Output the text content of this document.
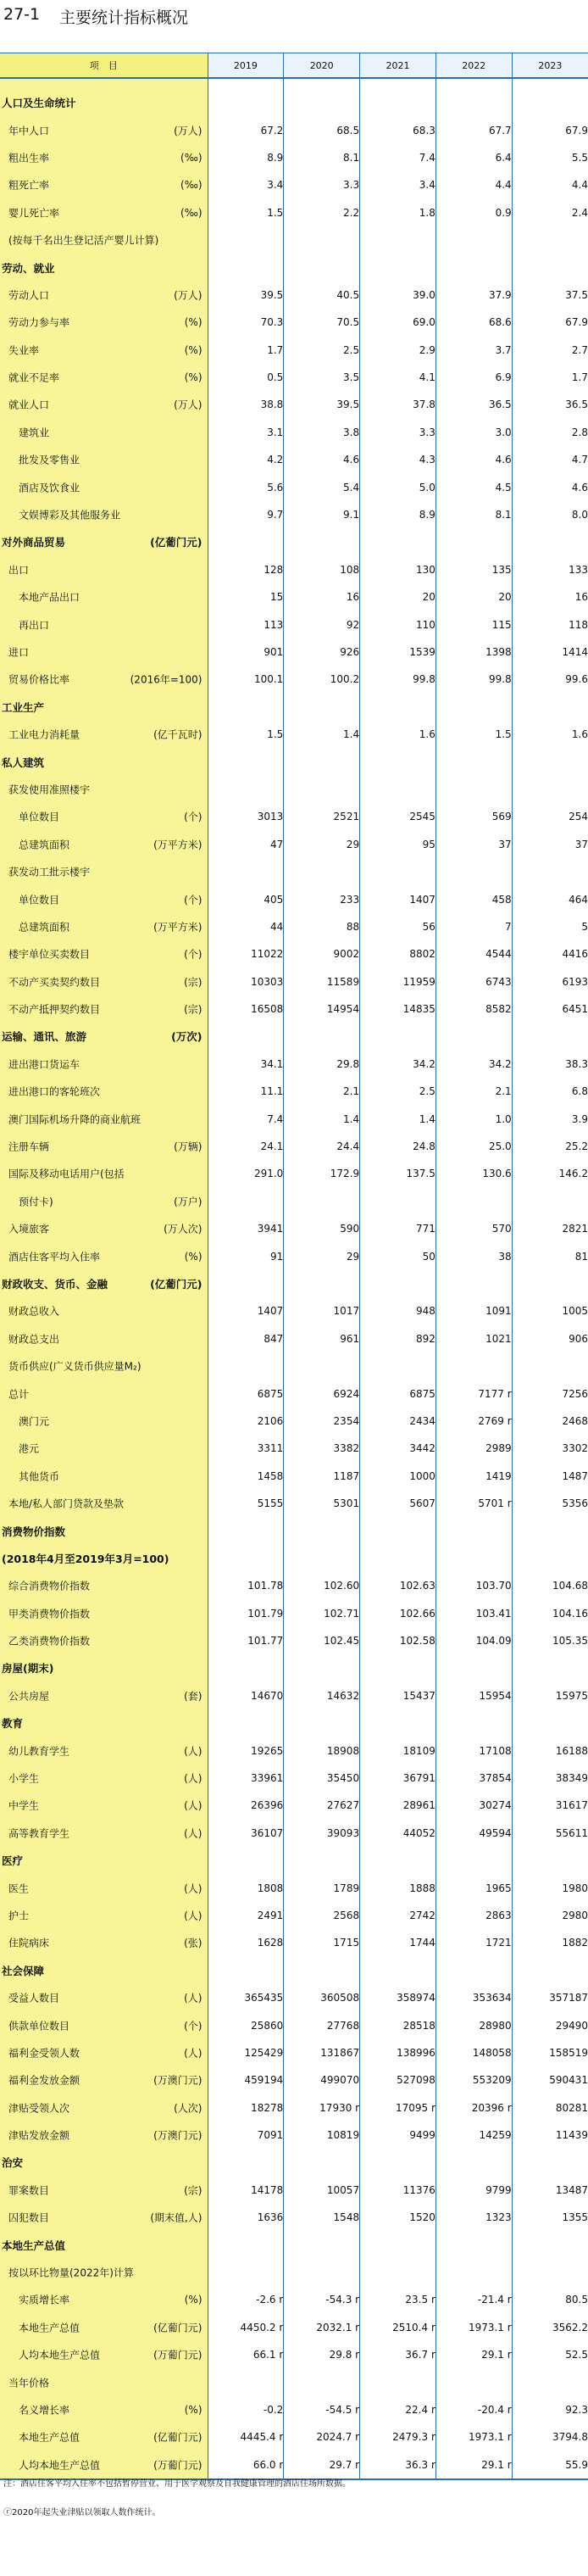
27-1 主要统计指标概况
项　目	2019	2020	2021	2022	2023

人口及生命统计					

年中人口 (万人)	67.2	68.5	68.3	67.7	67.9

粗出生率 (‰)	8.9	8.1	7.4	6.4	5.5

粗死亡率 (‰)	3.4	3.3	3.4	4.4	4.4

婴儿死亡率 (‰)	1.5	2.2	1.8	0.9	2.4

(按每千名出生登记活产婴儿计算)					

劳动、就业					

劳动人口 (万人)	39.5	40.5	39.0	37.9	37.5

劳动力参与率 (%)	70.3	70.5	69.0	68.6	67.9

失业率 (%)	1.7	2.5	2.9	3.7	2.7

就业不足率 (%)	0.5	3.5	4.1	6.9	1.7

就业人口 (万人)	38.8	39.5	37.8	36.5	36.5

建筑业	3.1	3.8	3.3	3.0	2.8

批发及零售业	4.2	4.6	4.3	4.6	4.7

酒店及饮食业	5.6	5.4	5.0	4.5	4.6

文娱博彩及其他服务业	9.7	9.1	8.9	8.1	8.0

对外商品贸易 (亿葡门元)					

出口	128	108	130	135	133

本地产品出口	15	16	20	20	16

再出口	113	92	110	115	118

进口	901	926	1539	1398	1414

贸易价格比率 (2016年=100)	100.1	100.2	99.8	99.8	99.6

工业生产					

工业电力消耗量 (亿千瓦时)	1.5	1.4	1.6	1.5	1.6

私人建筑					

获发使用准照楼宇					

单位数目 (个)	3013	2521	2545	569	254

总建筑面积 (万平方米)	47	29	95	37	37

获发动工批示楼宇					

单位数目 (个)	405	233	1407	458	464

总建筑面积 (万平方米)	44	88	56	7	5

楼宇单位买卖数目 (个)	11022	9002	8802	4544	4416

不动产买卖契约数目 (宗)	10303	11589	11959	6743	6193

不动产抵押契约数目 (宗)	16508	14954	14835	8582	6451

运输、通讯、旅游 (万次)					

进出港口货运车	34.1	29.8	34.2	34.2	38.3

进出港口的客轮班次	11.1	2.1	2.5	2.1	6.8

澳门国际机场升降的商业航班	7.4	1.4	1.4	1.0	3.9

注册车辆 (万辆)	24.1	24.4	24.8	25.0	25.2

国际及移动电话用户(包括	291.0	172.9	137.5	130.6	146.2

预付卡) (万户)					

入境旅客 (万人次)	3941	590	771	570	2821

酒店住客平均入住率 (%)	91	29	50	38	81

财政收支、货币、金融 (亿葡门元)					

财政总收入	1407	1017	948	1091	1005

财政总支出	847	961	892	1021	906

货币供应(广义货币供应量M₂)					

总计	6875	6924	6875	7177 r	7256

澳门元	2106	2354	2434	2769 r	2468

港元	3311	3382	3442	2989	3302

其他货币	1458	1187	1000	1419	1487

本地/私人部门贷款及垫款	5155	5301	5607	5701 r	5356

消费物价指数					

(2018年4月至2019年3月=100)					

综合消费物价指数	101.78	102.60	102.63	103.70	104.68

甲类消费物价指数	101.79	102.71	102.66	103.41	104.16

乙类消费物价指数	101.77	102.45	102.58	104.09	105.35

房屋(期末)					

公共房屋 (套)	14670	14632	15437	15954	15975

教育					

幼儿教育学生 (人)	19265	18908	18109	17108	16188

小学生 (人)	33961	35450	36791	37854	38349

中学生 (人)	26396	27627	28961	30274	31617

高等教育学生 (人)	36107	39093	44052	49594	55611

医疗					

医生 (人)	1808	1789	1888	1965	1980

护士 (人)	2491	2568	2742	2863	2980

住院病床 (张)	1628	1715	1744	1721	1882

社会保障					

受益人数目 (人)	365435	360508	358974	353634	357187

供款单位数目 (个)	25860	27768	28518	28980	29490

福利金受领人数 (人)	125429	131867	138996	148058	158519

福利金发放金额 (万澳门元)	459194	499070	527098	553209	590431

津贴受领人次 (人次)	18278	17930 r	17095 r	20396 r	80281

津贴发放金额 (万澳门元)	7091	10819	9499	14259	11439

治安					

罪案数目 (宗)	14178	10057	11376	9799	13487

囚犯数目 (期末值,人)	1636	1548	1520	1323	1355

本地生产总值					

按以环比物量(2022年)计算					

实质增长率 (%)	-2.6 r	-54.3 r	23.5 r	-21.4 r	80.5

本地生产总值 (亿葡门元)	4450.2 r	2032.1 r	2510.4 r	1973.1 r	3562.2

人均本地生产总值 (万葡门元)	66.1 r	29.8 r	36.7 r	29.1 r	52.5

当年价格					

名义增长率 (%)	-0.2	-54.5 r	22.4 r	-20.4 r	92.3

本地生产总值 (亿葡门元)	4445.4 r	2024.7 r	2479.3 r	1973.1 r	3794.8

人均本地生产总值 (万葡门元)	66.0 r	29.7 r	36.3 r	29.1 r	55.9
注：酒店住客平均入住率不包括暂停营业、用于医学观察及自我健康管理的酒店住场所数据。
ⓡ2020年起失业津贴以领取人数作统计。
